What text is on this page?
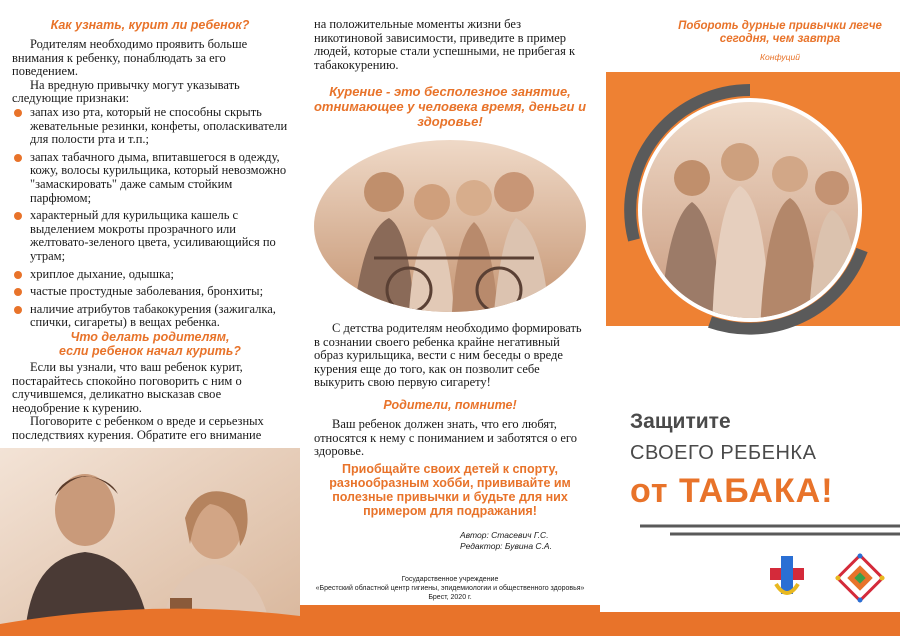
Как узнать, курит ли ребенок?

Родителям необходимо проявить больше внимания к ребенку, понаблюдать за его поведением.

На вредную привычку могут указывать следующие признаки:

запах изо рта, который не способны скрыть жевательные резинки, конфеты, ополаскиватели для полости рта и т.п.;
запах табачного дыма, впитавшегося в одежду, кожу, волосы курильщика, который невозможно "замаскировать" даже самым стойким парфюмом;
характерный для курильщика кашель с выделением мокроты прозрачного или желтовато-зеленого цвета, усиливающийся по утрам;
хриплое дыхание, одышка;
частые простудные заболевания, бронхиты;
наличие атрибутов табакокурения (зажигалка, спички, сигареты) в вещах ребенка.
Что делать родителям,
если ребенок начал курить?

Если вы узнали, что ваш ребенок курит, постарайтесь спокойно поговорить с ним о случившемся, деликатно высказав свое неодобрение к курению.

Поговорите с ребенком о вреде и серьезных последствиях курения. Обратите его внимание

на положительные моменты жизни без никотиновой зависимости, приведите в пример людей, которые стали успешными, не прибегая к табакокурению.

Курение - это бесполезное занятие, отнимающее у человека время, деньги и здоровье!

С детства родителям необходимо формировать в сознании своего ребенка крайне негативный образ курильщика, вести с ним беседы о вреде курения еще до того, как он позволит себе выкурить свою первую сигарету!

Родители, помните!

Ваш ребенок должен знать, что его любят, относятся к нему с пониманием и заботятся о его здоровье.

Приобщайте своих детей к спорту, разнообразным хобби, прививайте им полезные привычки и будьте для них примером для подражания!
Автор: Стасевич Г.С.
Редактор: Бувина С.А.
Государственное учреждение
«Брестский областной центр гигиены, эпидемиологии и общественного здоровья»
Брест, 2020 г.
Побороть дурные привычки легче
сегодня, чем завтра
Конфуций
Защитите
СВОЕГО РЕБЕНКА
от ТАБАКА!
